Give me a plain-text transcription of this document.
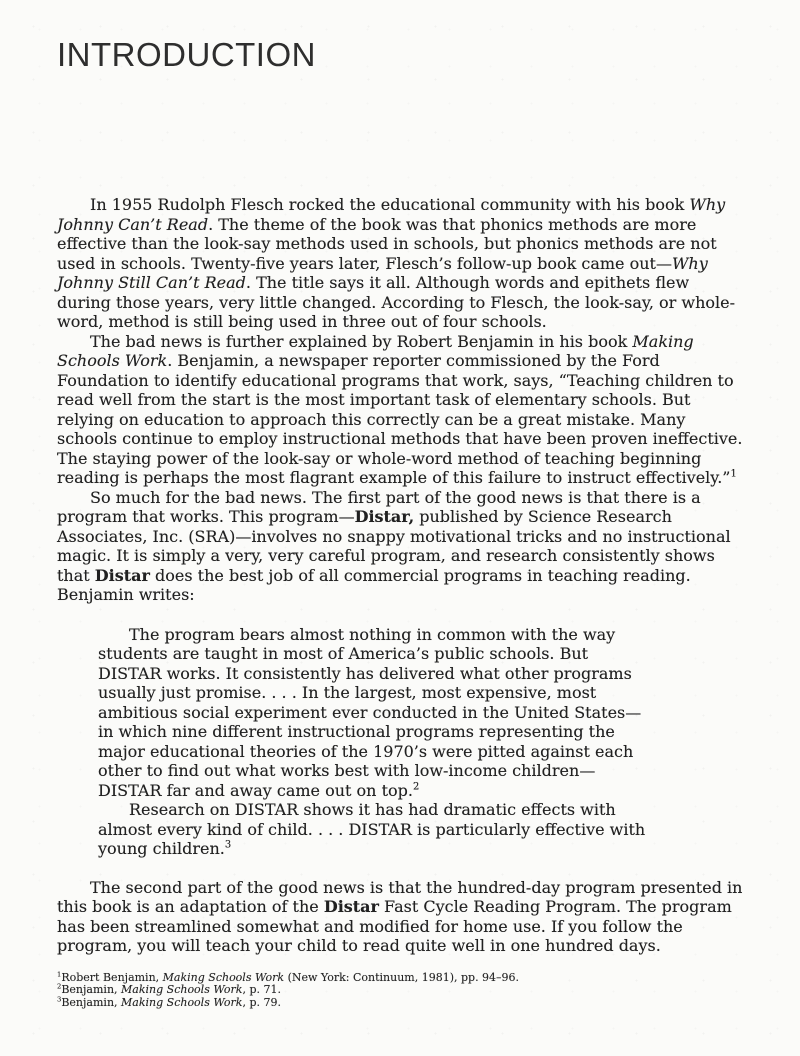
INTRODUCTION

In 1955 Rudolph Flesch rocked the educational community with his book Why Johnny Can’t Read. The theme of the book was that phonics methods are more effective than the look-say methods used in schools, but phonics methods are not used in schools. Twenty-five years later, Flesch’s follow-up book came out—Why Johnny Still Can’t Read. The title says it all. Although words and epithets flew during those years, very little changed. According to Flesch, the look-say, or whole-word, method is still being used in three out of four schools.

The bad news is further explained by Robert Benjamin in his book Making Schools Work. Benjamin, a newspaper reporter commissioned by the Ford Foundation to identify educational programs that work, says, “Teaching children to read well from the start is the most important task of elementary schools. But relying on education to approach this correctly can be a great mistake. Many schools continue to employ instructional methods that have been proven ineffective. The staying power of the look-say or whole-word method of teaching beginning reading is perhaps the most flagrant example of this failure to instruct effectively.”$^1$

So much for the bad news. The first part of the good news is that there is a program that works. This program—Distar, published by Science Research Associates, Inc. (SRA)—involves no snappy motivational tricks and no instructional magic. It is simply a very, very careful program, and research consistently shows that Distar does the best job of all commercial programs in teaching reading. Benjamin writes:

The program bears almost nothing in common with the way students are taught in most of America’s public schools. But DISTAR works. It consistently has delivered what other programs usually just promise. . . . In the largest, most expensive, most ambitious social experiment ever conducted in the United States—in which nine different instructional programs representing the major educational theories of the 1970’s were pitted against each other to find out what works best with low-income children—DISTAR far and away came out on top.$^2$

Research on DISTAR shows it has had dramatic effects with almost every kind of child. . . . DISTAR is particularly effective with young children.$^3$

The second part of the good news is that the hundred-day program presented in this book is an adaptation of the Distar Fast Cycle Reading Program. The program has been streamlined somewhat and modified for home use. If you follow the program, you will teach your child to read quite well in one hundred days.

$^1$Robert Benjamin, Making Schools Work (New York: Continuum, 1981), pp. 94–96.

$^2$Benjamin, Making Schools Work, p. 71.

$^3$Benjamin, Making Schools Work, p. 79.
